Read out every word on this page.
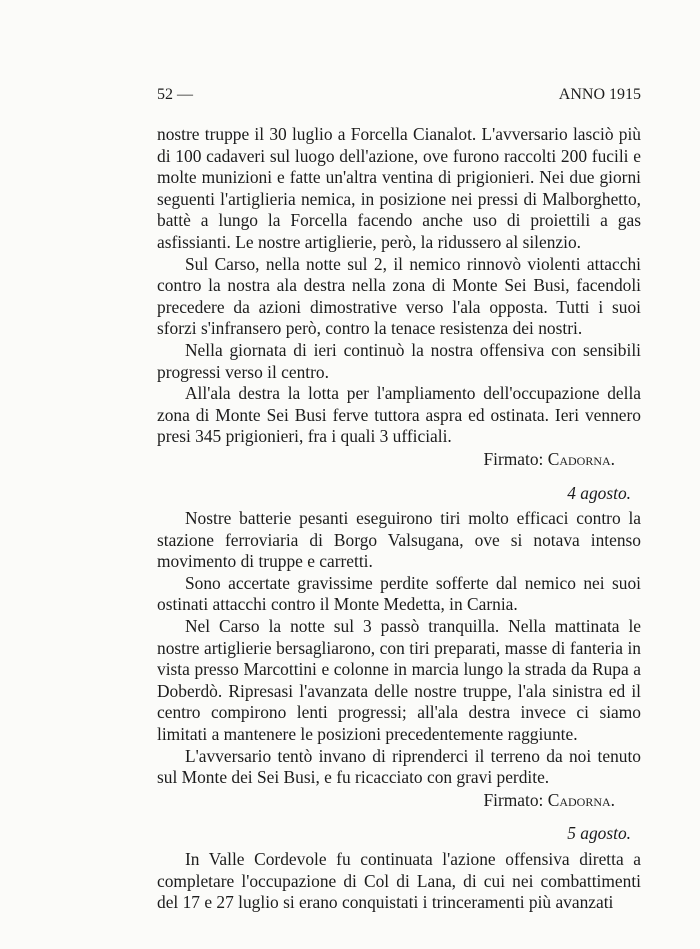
52 —	ANNO 1915

nostre truppe il 30 luglio a Forcella Cianalot. L'avversario lasciò più di 100 cadaveri sul luogo dell'azione, ove furono raccolti 200 fucili e molte munizioni e fatte un'altra ventina di prigionieri. Nei due giorni seguenti l'artiglieria nemica, in posizione nei pressi di Malborghetto, battè a lungo la Forcella facendo anche uso di proiettili a gas asfissianti. Le nostre artiglierie, però, la ridussero al silenzio.

Sul Carso, nella notte sul 2, il nemico rinnovò violenti attacchi contro la nostra ala destra nella zona di Monte Sei Busi, facendoli precedere da azioni dimostrative verso l'ala opposta. Tutti i suoi sforzi s'infransero però, contro la tenace resistenza dei nostri.

Nella giornata di ieri continuò la nostra offensiva con sensibili progressi verso il centro.

All'ala destra la lotta per l'ampliamento dell'occupazione della zona di Monte Sei Busi ferve tuttora aspra ed ostinata. Ieri vennero presi 345 prigionieri, fra i quali 3 ufficiali.

Firmato: Cadorna.
4 agosto.

Nostre batterie pesanti eseguirono tiri molto efficaci contro la stazione ferroviaria di Borgo Valsugana, ove si notava intenso movimento di truppe e carretti.

Sono accertate gravissime perdite sofferte dal nemico nei suoi ostinati attacchi contro il Monte Medetta, in Carnia.

Nel Carso la notte sul 3 passò tranquilla. Nella mattinata le nostre artiglierie bersagliarono, con tiri preparati, masse di fanteria in vista presso Marcottini e colonne in marcia lungo la strada da Rupa a Doberdò. Ripresasi l'avanzata delle nostre truppe, l'ala sinistra ed il centro compirono lenti progressi; all'ala destra invece ci siamo limitati a mantenere le posizioni precedentemente raggiunte.

L'avversario tentò invano di riprenderci il terreno da noi tenuto sul Monte dei Sei Busi, e fu ricacciato con gravi perdite.

Firmato: Cadorna.
5 agosto.

In Valle Cordevole fu continuata l'azione offensiva diretta a completare l'occupazione di Col di Lana, di cui nei combattimenti del 17 e 27 luglio si erano conquistati i trinceramenti più avanzati
